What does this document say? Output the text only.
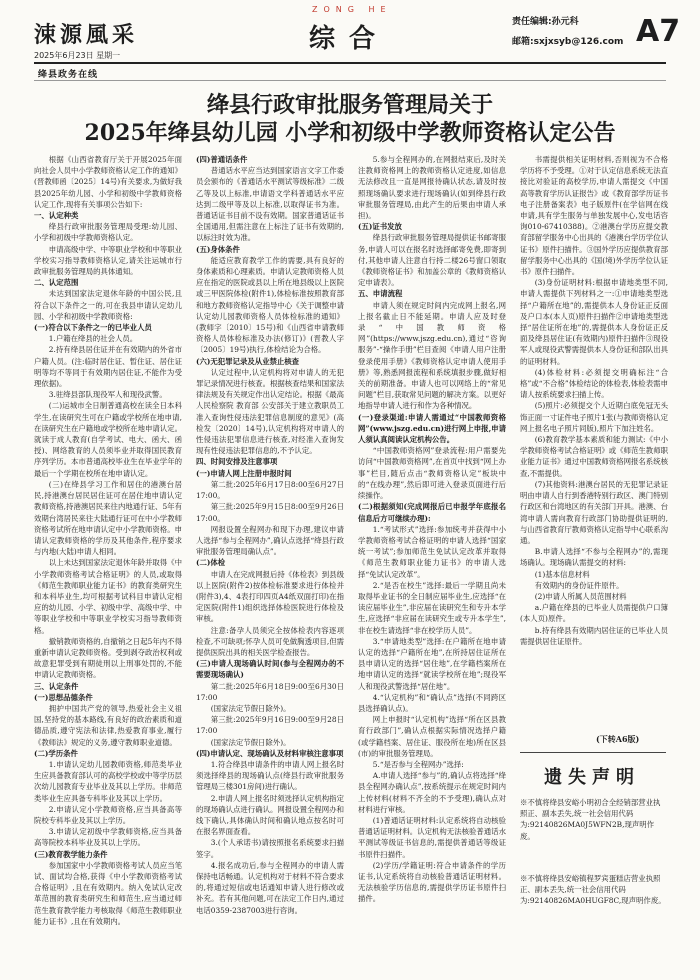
涑源風采
2025年6月23日 星期一
ZONG HE
综合
责任编辑:孙元科
邮箱:sxjxsyb@126.com A7
绛县政务在线
绛县行政审批服务管理局关于
2025年绛县幼儿园 小学和初级中学教师资格认定公告

根据《山西省教育厅关于开展2025年面向社会人员中小学教师资格认定工作的通知》(晋教师函〔2025〕14号)有关要求,为做好我县2025年幼儿园、小学和初级中学教师资格认定工作,现将有关事项公告如下:

一、认定种类

绛县行政审批服务管理局受理:幼儿园、小学和初级中学教师资格认定。

申请高级中学、中等职业学校和中等职业学校实习指导教师资格认定,请关注运城市行政审批服务管理局的具体通知。

二、认定范围

未达到国家法定退休年龄的中国公民,且符合以下条件之一的,可在我县申请认定幼儿园、小学和初级中学教师资格:

(一)符合以下条件之一的已毕业人员

1.户籍在绛县的社会人员。

2.持有绛县居住证并在有效期内的外省市户籍人员。(注:临时居住证、暂住证、居住证明等均不等同于有效期内居住证,不能作为受理依据)。

3.驻绛县部队现役军人和现役武警。

(二)运城市全日制普通高校在读全日本科学生,在读研究生可在户籍或学校所在地申请,在读研究生在户籍地或学校所在地申请认定。就读于成人教育(自学考试、电大、函大、函授)、网络教育的人员须毕业并取得国民教育序列学历。本市普通高校毕业生在毕业学年的最后一个学期在校所在地申请认定。

(三)在绛县学习工作和居住的港澳台居民,持港澳台居民居住证可在居住地申请认定教师资格,持港澳居民来往内地通行证、5年有效期台湾居民来往大陆通行证可在中小学教师资格考试所在地申请认定中小学教师资格。申请认定教师资格的学历及其他条件,程序要求与内地(大陆)申请人相同。

以上未达到国家法定退休年龄并取得《中小学教师资格考试合格证明》的人员,或取得《师范生教师职业能力证书》的教育类研究生和本科毕业生,均可根据考试科目申请认定相应的幼儿园、小学、初级中学、高级中学、中等职业学校和中等职业学校实习指导教师资格。

撤销教师资格的,自撤销之日起5年内不得重新申请认定教师资格。受到剥夺政治权利或故意犯罪受到有期徒刑以上刑事处罚的,不能申请认定教师资格。

三、认定条件

(一)思想品德条件

拥护中国共产党的领导,热爱社会主义祖国,坚持党的基本路线,有良好的政治素质和道德品质,遵守宪法和法律,热爱教育事业,履行《教师法》规定的义务,遵守教师职业道德。

(二)学历条件

1.申请认定幼儿园教师资格,师范类毕业生应具备教育部认可的高校学校或中等学历层次幼儿园教育专业毕业及其以上学历。非师范类毕业生应具备专科毕业及其以上学历。

2.申请认定小学教师资格,应当具备高等院校专科毕业及其以上学历。

3.申请认定初级中学教师资格,应当具备高等院校本科毕业及其以上学历。

(三)教育教学能力条件

参加国家中小学教师资格考试人员应当笔试、面试均合格,获得《中小学教师资格考试合格证明》,且在有效期内。纳入免试认定改革范围的教育类研究生和师范生,应当通过师范生教育教学能力考核取得《师范生教师职业能力证书》,且在有效期内。

(四)普通话条件

普通话水平应当达到国家语言文字工作委员会颁布的《普通话水平测试等级标准》二级乙等及以上标准,申请语文学科普通话水平应达到二级甲等及以上标准,以取得证书为准。普通话证书目前不设有效期。国家普通话证书全国通用,但需注意在上标注了证书有效期的,以标注时效为准。

(五)身体条件

能适应教育教学工作的需要,具有良好的身体素质和心理素质。申请认定教师资格人员应在指定的医院或县以上所在地县级以上医院或三甲医院体检(附件1),体检标准按照教育部和地方教师资格认定指导中心《关于调整申请认定幼儿园教师资格人员体检标准的通知》(教师字〔2010〕15号)和《山西省申请教师资格人员体检标准及办法(修订)》(晋教人字〔2005〕19号)执行,体检结论为合格。

(六)无犯罪记录及从业禁止核查

认定过程中,认定机构将对申请人的无犯罪记录情况进行核查。根据核查结果和国家法律法规及有关规定作出认定结论。根据《最高人民检察院 教育部 公安部关于建立教职员工准入查询性侵违法犯罪信息制度的意见》(高检发〔2020〕14号),认定机构将对申请人的性侵违法犯罪信息进行核查,对经准入查询发现有性侵违法犯罪信息的,不予认定。

四、时间安排及注意事项

(一)申请人网上注册申报时间

第二批:2025年6月17日8:00至6月27日17:00。

第三批:2025年9月15日8:00至9月26日17:00。

网报设置全程网办和现下办理,建议申请人选择“参与全程网办”,确认点选择“绛县行政审批服务管理局确认点”。

(二)体检

申请人在完成网报后持《体检表》到县级以上医院(附件2)按体检标准要求进行体检并(附件3),4、4表打印四页A4纸双面打印)在指定医院(附件1)组织选择体检医院进行体检及审核。

注意:备孕人员须完全按体检表内容逐项检查,不可缺项;怀孕人员可免做胸透项目,但需提供医院出具的相关医学检查报告。

(三)申请人现场确认时间(参与全程网办的不需要现场确认)

第二批:2025年6月18日9:00至6月30日17:00

(国家法定节假日除外)。

第三批:2025年9月16日9:00至9月28日17:00

(国家法定节假日除外)。

(四)申请认定、现场确认及材料审核注意事项

1.符合绛县申请条件的申请人网上报名时须选择绛县的现场确认点(绛县行政审批服务管理局三楼301房间)进行确认。

2.申请人网上报名时须选择认定机构指定的现场确认点进行确认。网报设置全程网办和线下确认,具体确认时间和确认地点按名时可在报名界面查看。

3.(个人承诺书)请按照报名系统要求扫描签字。

4.报名成功后,参与全程网办的申请人需保持电话畅通。认定机构对于材料不符合要求的,将通过短信或电话通知申请人进行修改或补充。若有其他问题,可在法定工作日内,通过电话0359-2387003进行咨询。

5.参与全程网办的,在网报结束后,及时关注教师资格网上的教师资格认定进度,如信息无法修改且一直是网报待确认状态,请及时按照现场确认要求进行现场确认(如到绛县行政审批服务管理局,由此产生的后果由申请人承担)。

(五)证书发放

绛县行政审批服务管理局提供证书邮寄服务,申请人可以在报名时选择邮寄免费,即寄到付,其他申请人注意自行持二楼26号窗口领取《教师资格证书》和加盖公章的《教师资格认定申请表》。

五、申请流程

申请人须在规定时间内完成网上报名,网上报名截止日不能延期。申请人应及时登录“中国教师资格网”(https://www.jszg.edu.cn),通过“咨询服务”-“操作手册”栏目查阅《申请人用户注册登录使用手册》《教师资格认定申请人使用手册》等,熟悉网报流程和系统填报步骤,做好相关的前期准备。申请人也可以网络上的“常见问题”栏目,获取常见问题的解决方案。以更好地指导申请人进行和作为各种情况。

(一)登录渠道:申请人需通过“中国教师资格网”(www.jszg.edu.cn)进行网上申报,申请人须认真阅读认定机构公告。

“中国教师资格网”登录流程:用户需要先访问“中国教师资格网”,在首页中找到“网上办事”栏目,随后点击“教师资格认定”板块中的“在线办理”,然后即可进入登录页面进行后续操作。

(二)根据须知(完成网报后已申报学年底报名信息后方可继续办理):

1.“考试形式”选择:参加统考并获得中小学教师资格考试合格证明的申请人选择“国家统一考试”;参加师范生免试认定改革并取得《师范生教师职业能力证书》的申请人选择“免试认定改革”。

2.“是否在校生”选择:最后一学期且尚未取得毕业证书的全日制应届毕业生,应选择“在读应届毕业生”,非应届在读研究生和专升本学生,应选择“非应届在读研究生或专升本学生”,非在校生请选择“非在校学历人员”。

3.“申请地类型”选择:在户籍所在地申请认定的选择“户籍所在地”,在所持居住证所在县申请认定的选择“居住地”,在学籍档案所在地申请认定的选择“就读学校所在地”;现役军人和现役武警选择“居住地”。

4.“认定机构”和“确认点”选择(不同跨区县选择确认点)。

网上申报时“认定机构”选择“所在区县教育行政部门”,确认点根据实际情况选择户籍(或学籍档案、居住证、服役所在地)所在区县(市)的审批服务管理局。

5.“是否参与全程网办”选择:

A.申请人选择“参与”的,确认点将选择“绛县全程网办确认点”,按系统提示在规定时间内上传材料(材料不齐全的不予受理),确认点对材料进行审核。

(1)普通话证明材料:认定系统将自动核验普通话证明材料。认定机构无法核验普通话水平测试等级证书信息的,需提供普通话等级证书原件扫描件。

(2)学历/学籍证明:符合申请条件的学历证书,认定系统将自动核验普通话证明材料。无法核验学历信息的,需提供学历证书原件扫描件。

书需提供相关证明材料,否则视为不合格学历将不予受理。①对于认定信息系统无法直接比对验证的高校学历,申请人需提交《中国高等教育学历认证报告》或《教育部学历证书电子注册备案表》电子版原件(在学信网在线申请,具有学生服务与单独发展中心,发电话咨询010-67410388)。②港澳台学历应提交教育部留学服务中心出具的《港澳台学历学位认证书》原件扫描件。③国外学历应提供教育部留学服务中心出具的《国(境)外学历学位认证书》原件扫描件。

(3)身份证明材料:根据申请地类型不同,申请人需提供下列材料之一:①申请地类型选择“户籍所在地”的,需提供本人身份证正反面及户口本(本人页)原件扫描件②申请地类型选择“居住证所在地”的,需提供本人身份证正反面及绛县居住证(有效期内)原件扫描件③现役军人或现役武警需提供本人身份证和部队出具的证明材料。

(4)体检材料:必须提交明确标注“合格”或“不合格”体检结论的体检表,体检表需申请人按系统要求扫描上传。

(5)照片:必须提交个人近期白底免冠无头饰正面一寸证件电子照片1张(与教师资格认定网上报名电子照片同版),照片下加注姓名。

(6)教育教学基本素质和能力测试:《中小学教师资格考试合格证明》或《师范生教师职业能力证书》通过中国教师资格网报名系统核查,不需提供。

(7)其他资料:港澳台居民的无犯罪记录证明由申请人自行到香港特别行政区、澳门特别行政区和台湾地区的有关部门开具。港澳、台湾申请人需向教育行政部门协助提供证明的,与山西省教育厅教师资格认定指导中心联系沟通。

B.申请人选择“不参与全程网办”的,需现场确认。现场确认需提交的材料:

(1)基本信息材料

有效期内的身份证件原件。

(2)申请人所属人员范围材料

a.户籍在绛县的已毕业人员需提供户口簿(本人页)原件。

b.持有绛县有效期内居住证的已毕业人员需提供居住证原件。

(下转A6版)
遗失声明
※不慎将绛县安峪小明初合全经销部营业执照正、副本丢失,统一社会信用代码为:92140826MA0J5WFN2B,现声明作废。
※不慎将绛县安峪镇程罗宾蛋糕店营业执照正、副本丢失,统一社会信用代码为:92140826MA0HUGF8C,现声明作废。
